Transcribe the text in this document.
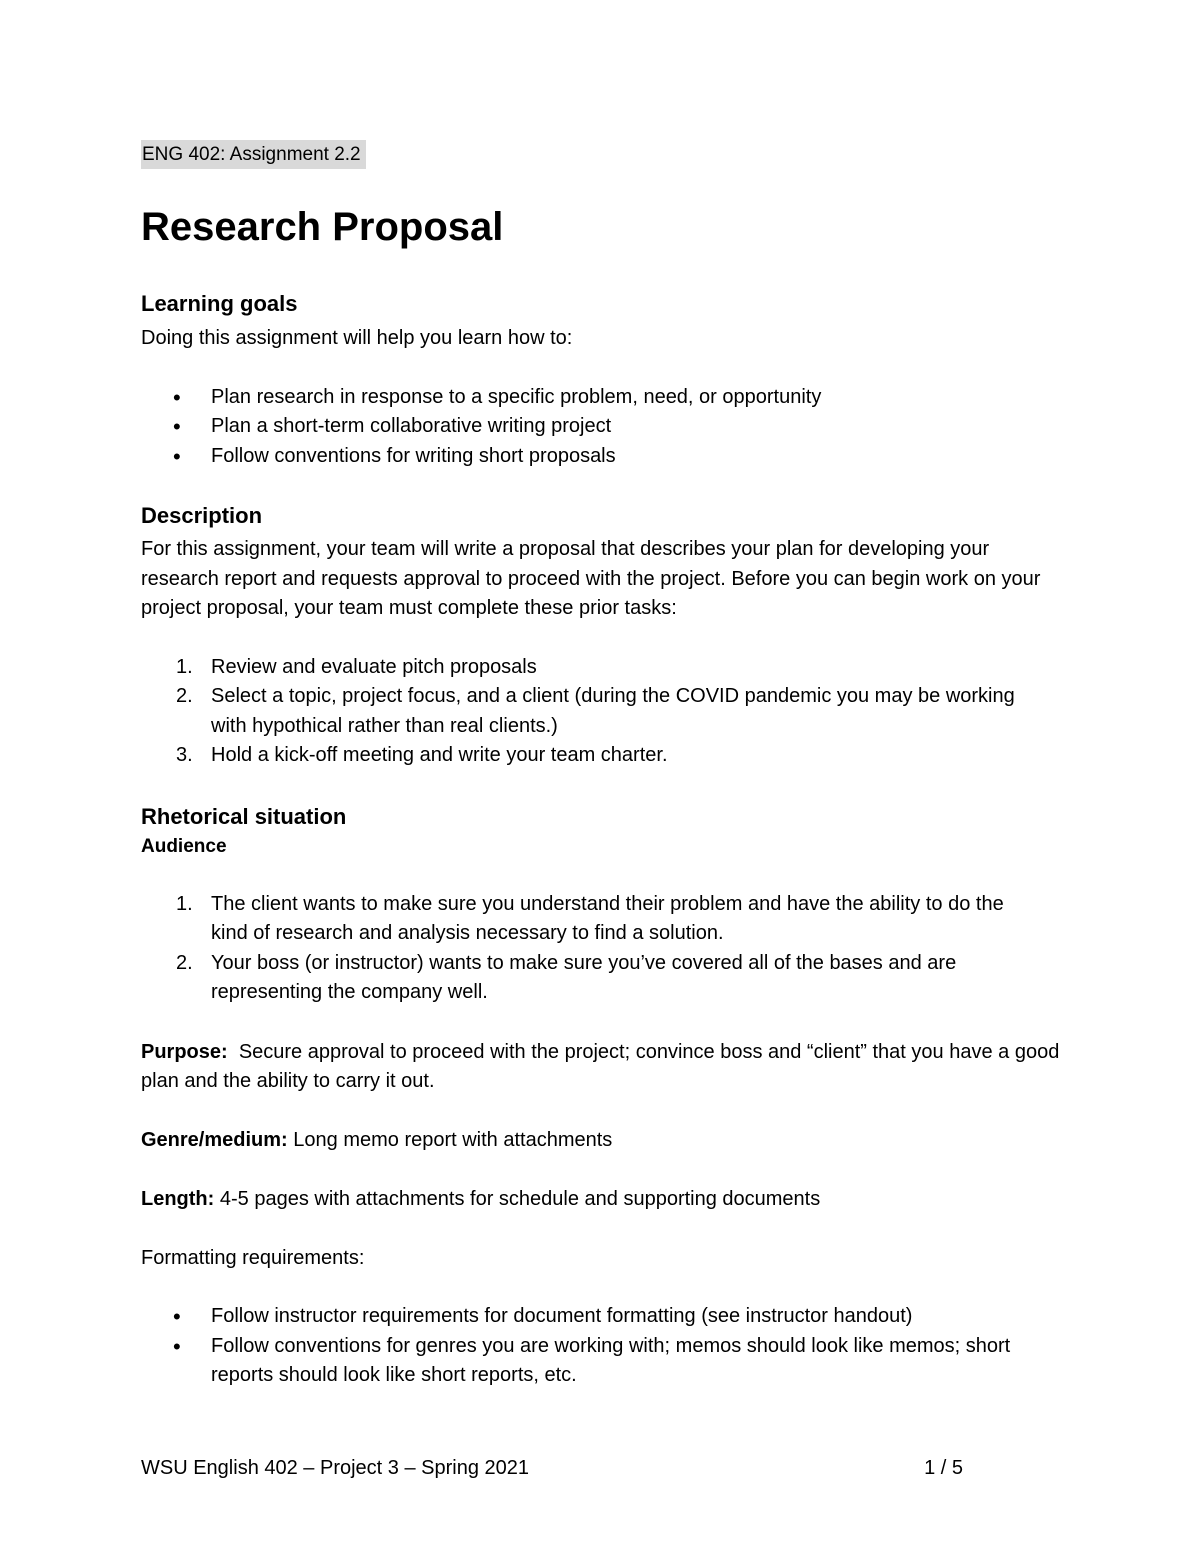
ENG 402: Assignment 2.2
Research Proposal
Learning goals

Doing this assignment will help you learn how to:

• Plan research in response to a specific problem, need, or opportunity
• Plan a short-term collaborative writing project
• Follow conventions for writing short proposals
Description

For this assignment, your team will write a proposal that describes your plan for developing your research report and requests approval to proceed with the project. Before you can begin work on your project proposal, your team must complete these prior tasks:

1. Review and evaluate pitch proposals
2. Select a topic, project focus, and a client (during the COVID pandemic you may be working with hypothical rather than real clients.)
3. Hold a kick-off meeting and write your team charter.
Rhetorical situation
Audience
1. The client wants to make sure you understand their problem and have the ability to do the kind of research and analysis necessary to find a solution.
2. Your boss (or instructor) wants to make sure you’ve covered all of the bases and are representing the company well.

Purpose: Secure approval to proceed with the project; convince boss and “client” that you have a good plan and the ability to carry it out.

Genre/medium: Long memo report with attachments

Length: 4-5 pages with attachments for schedule and supporting documents

Formatting requirements:

• Follow instructor requirements for document formatting (see instructor handout)
• Follow conventions for genres you are working with; memos should look like memos; short reports should look like short reports, etc.
WSU English 402 – Project 3 – Spring 2021	1 / 5
